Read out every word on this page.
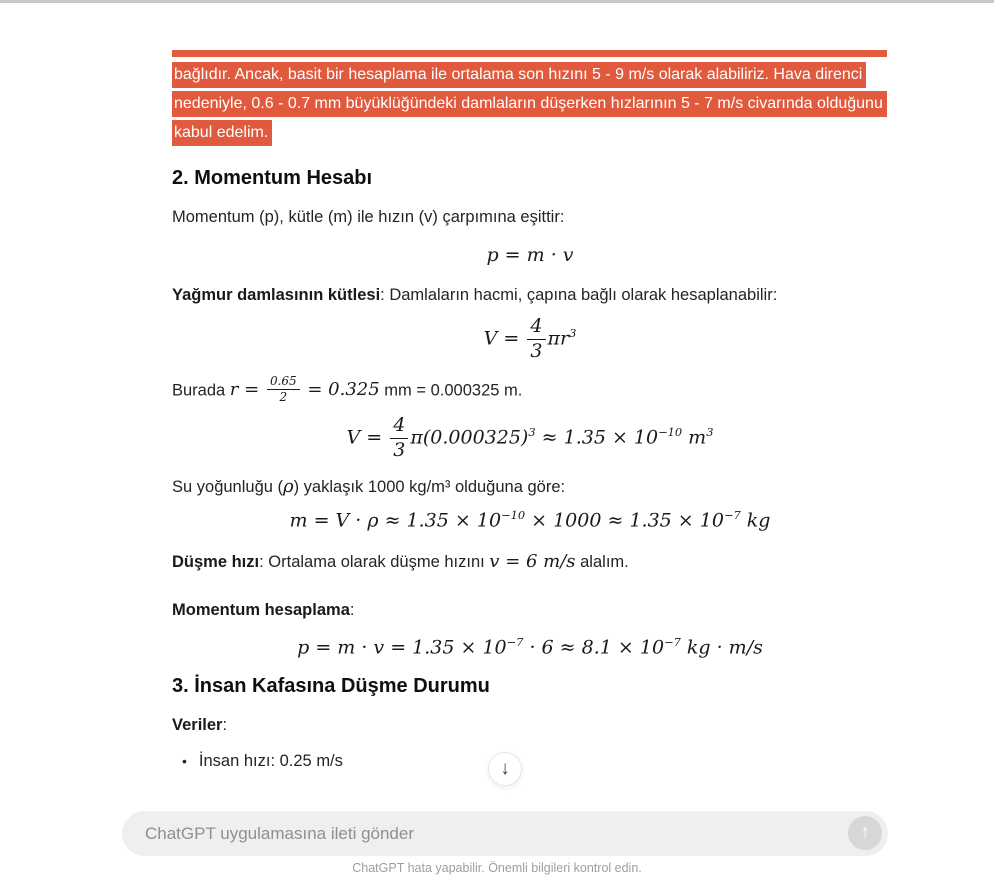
bağlıdır. Ancak, basit bir hesaplama ile ortalama son hızını 5 - 9 m/s olarak alabiliriz. Hava direnci
nedeniyle, 0.6 - 0.7 mm büyüklüğündeki damlaların düşerken hızlarının 5 - 7 m/s civarında olduğunu
kabul edelim.
2. Momentum Hesabı

Momentum (p), kütle (m) ile hızın (v) çarpımına eşittir:

p = m · v

Yağmur damlasının kütlesi: Damlaların hacmi, çapına bağlı olarak hesaplanabilir:

$V = \frac{4}{3} \pi r^3$

Burada $r = \frac{0.65}{2} = 0.325$ mm = 0.000325 m.

$V = \frac{4}{3} \pi(0.000325)^3 \approx 1.35 \times 10^{-10}$ $m^3$

Su yoğunluğu (ρ) yaklaşık 1000 kg/m³ olduğuna göre:

$m = V \cdot \rho \approx 1.35 \times 10^{-10} \times 1000 \approx 1.35 \times 10^{-7}$ kg

Düşme hızı: Ortalama olarak düşme hızını v = 6 m/s alalım.

Momentum hesaplama:

$p = m \cdot v = 1.35 \times 10^{-7} \cdot 6 \approx 8.1 \times 10^{-7}$ kg · m/s
3. İnsan Kafasına Düşme Durumu

Veriler:

• İnsan hızı: 0.25 m/s	↓
ChatGPT uygulamasına ileti gönder
↑
ChatGPT hata yapabilir. Önemli bilgileri kontrol edin.
